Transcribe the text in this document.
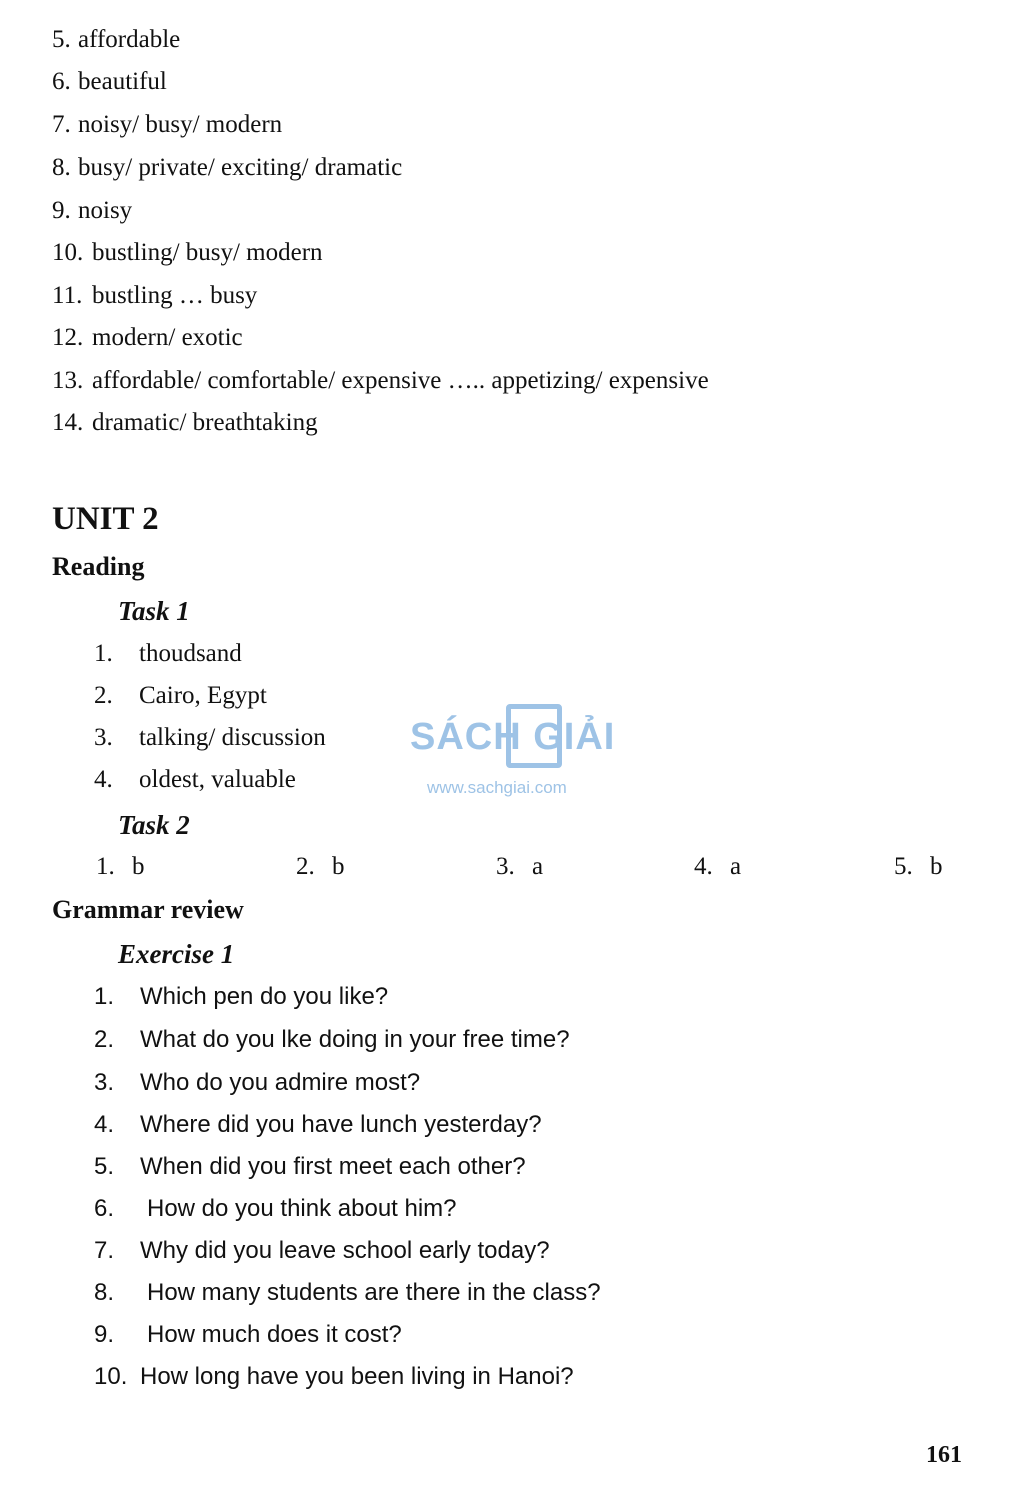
5. affordable
6. beautiful
7. noisy/ busy/ modern
8. busy/ private/ exciting/ dramatic
9. noisy
10. bustling/ busy/ modern
11. bustling … busy
12. modern/ exotic
13. affordable/ comfortable/ expensive ….. appetizing/ expensive
14. dramatic/ breathtaking
UNIT 2
Reading
Task 1
1. thoudsand
2. Cairo, Egypt
3. talking/ discussion
4. oldest, valuable
Task 2
1. b	2. b	3. a	4. a	5. b
Grammar review
Exercise 1
1. Which pen do you like?
2. What do you lke doing in your free time?
3. Who do you admire most?
4. Where did you have lunch yesterday?
5. When did you first meet each other?
6. How do you think about him?
7. Why did you leave school early today?
8. How many students are there in the class?
9. How much does it cost?
10. How long have you been living in Hanoi?
SÁCH GIẢI
www.sachgiai.com
161
